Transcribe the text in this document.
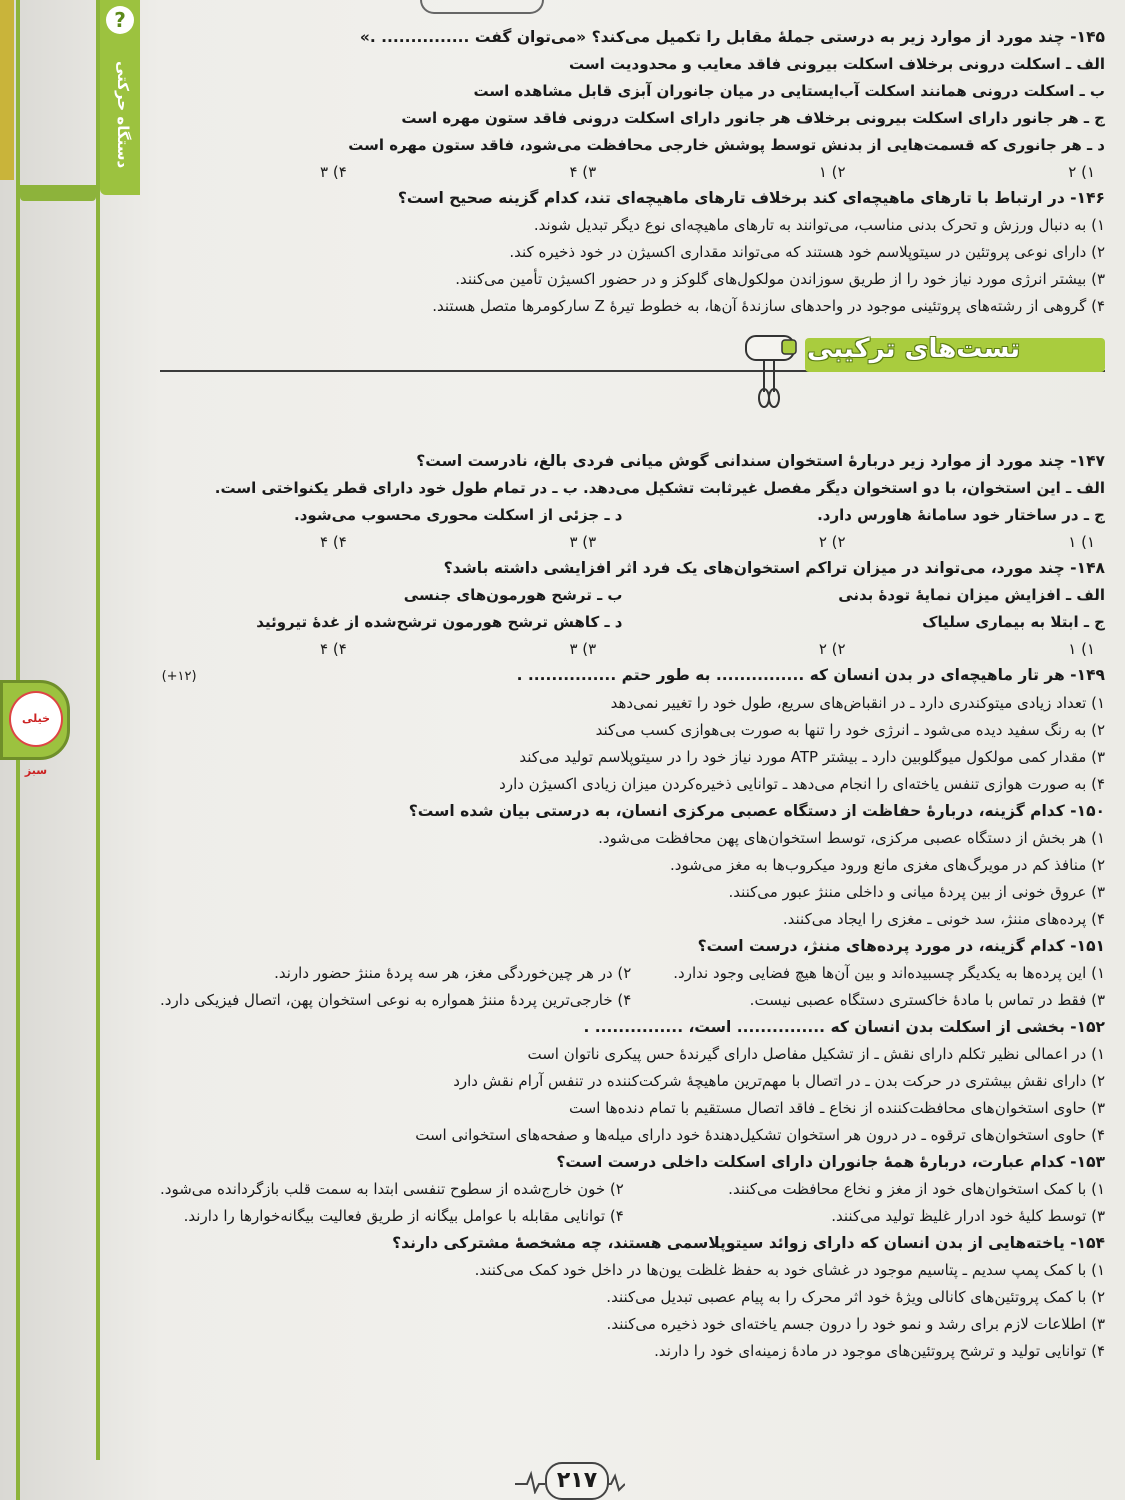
?
دستگاه حرکتی
خیلی سبز

۱۴۵- چند مورد از موارد زیر به درستی جملهٔ مقابل را تکمیل می‌کند؟ «می‌توان گفت ............... .»

الف ـ اسکلت درونی برخلاف اسکلت بیرونی فاقد معایب و محدودیت است

ب ـ اسکلت درونی همانند اسکلت آب‌ایستایی در میان جانوران آبزی قابل مشاهده است

ج ـ هر جانور دارای اسکلت بیرونی برخلاف هر جانور دارای اسکلت درونی فاقد ستون مهره است

د ـ هر جانوری که قسمت‌هایی از بدنش توسط پوشش خارجی محافظت می‌شود، فاقد ستون مهره است

۱) ۲
۲) ۱
۳) ۴
۴) ۳

۱۴۶- در ارتباط با تارهای ماهیچه‌ای کند برخلاف تارهای ماهیچه‌ای تند، کدام گزینه صحیح است؟

۱) به دنبال ورزش و تحرک بدنی مناسب، می‌توانند به تارهای ماهیچه‌ای نوع دیگر تبدیل شوند.

۲) دارای نوعی پروتئین در سیتوپلاسم خود هستند که می‌تواند مقداری اکسیژن در خود ذخیره کند.

۳) بیشتر انرژی مورد نیاز خود را از طریق سوزاندن مولکول‌های گلوکز و در حضور اکسیژن تأمین می‌کنند.

۴) گروهی از رشته‌های پروتئینی موجود در واحدهای سازندهٔ آن‌ها، به خطوط تیرهٔ Z سارکومرها متصل هستند.

تست‌های ترکیبی

۱۴۷- چند مورد از موارد زیر دربارهٔ استخوان سندانی گوش میانی فردی بالغ، نادرست است؟

الف ـ این استخوان، با دو استخوان دیگر مفصل غیرثابت تشکیل می‌دهد. ب ـ در تمام طول خود دارای قطر یکنواختی است.

ج ـ در ساختار خود سامانهٔ هاورس دارد.

د ـ جزئی از اسکلت محوری محسوب می‌شود.

۱) ۱
۲) ۲
۳) ۳
۴) ۴

۱۴۸- چند مورد، می‌تواند در میزان تراکم استخوان‌های یک فرد اثر افزایشی داشته باشد؟

الف ـ افزایش میزان نمایهٔ تودهٔ بدنی

ب ـ ترشح هورمون‌های جنسی

ج ـ ابتلا به بیماری سلیاک

د ـ کاهش ترشح هورمون ترشح‌شده از غدهٔ تیروئید

۱) ۱
۲) ۲
۳) ۳
۴) ۴

۱۴۹- هر تار ماهیچه‌ای در بدن انسان که ............... به طور حتم ............... .(۱۲+)

۱) تعداد زیادی میتوکندری دارد ـ در انقباض‌های سریع، طول خود را تغییر نمی‌دهد

۲) به رنگ سفید دیده می‌شود ـ انرژی خود را تنها به صورت بی‌هوازی کسب می‌کند

۳) مقدار کمی مولکول میوگلوبین دارد ـ بیشتر ATP مورد نیاز خود را در سیتوپلاسم تولید می‌کند

۴) به صورت هوازی تنفس یاخته‌ای را انجام می‌دهد ـ توانایی ذخیره‌کردن میزان زیادی اکسیژن دارد

۱۵۰- کدام گزینه، دربارهٔ حفاظت از دستگاه عصبی مرکزی انسان، به درستی بیان شده است؟

۱) هر بخش از دستگاه عصبی مرکزی، توسط استخوان‌های پهن محافظت می‌شود.

۲) منافذ کم در مویرگ‌های مغزی مانع ورود میکروب‌ها به مغز می‌شود.

۳) عروق خونی از بین پردهٔ میانی و داخلی مننژ عبور می‌کنند.

۴) پرده‌های مننژ، سد خونی ـ مغزی را ایجاد می‌کنند.

۱۵۱- کدام گزینه، در مورد پرده‌های مننژ، درست است؟

۱) این پرده‌ها به یکدیگر چسبیده‌اند و بین آن‌ها هیچ فضایی وجود ندارد.

۲) در هر چین‌خوردگی مغز، هر سه پردهٔ مننژ حضور دارند.

۳) فقط در تماس با مادهٔ خاکستری دستگاه عصبی نیست.

۴) خارجی‌ترین پردهٔ مننژ همواره به نوعی استخوان پهن، اتصال فیزیکی دارد.

۱۵۲- بخشی از اسکلت بدن انسان که ............... است، ............... .

۱) در اعمالی نظیر تکلم دارای نقش ـ از تشکیل مفاصل دارای گیرندهٔ حس پیکری ناتوان است

۲) دارای نقش بیشتری در حرکت بدن ـ در اتصال با مهم‌ترین ماهیچهٔ شرکت‌کننده در تنفس آرام نقش دارد

۳) حاوی استخوان‌های محافظت‌کننده از نخاع ـ فاقد اتصال مستقیم با تمام دنده‌ها است

۴) حاوی استخوان‌های ترقوه ـ در درون هر استخوان تشکیل‌دهندهٔ خود دارای میله‌ها و صفحه‌های استخوانی است

۱۵۳- کدام عبارت، دربارهٔ همهٔ جانوران دارای اسکلت داخلی درست است؟

۱) با کمک استخوان‌های خود از مغز و نخاع محافظت می‌کنند.

۲) خون خارج‌شده از سطوح تنفسی ابتدا به سمت قلب بازگردانده می‌شود.

۳) توسط کلیهٔ خود ادرار غلیظ تولید می‌کنند.

۴) توانایی مقابله با عوامل بیگانه از طریق فعالیت بیگانه‌خوارها را دارند.

۱۵۴- یاخته‌هایی از بدن انسان که دارای زوائد سیتوپلاسمی هستند، چه مشخصهٔ مشترکی دارند؟

۱) با کمک پمپ سدیم ـ پتاسیم موجود در غشای خود به حفظ غلظت یون‌ها در داخل خود کمک می‌کنند.

۲) با کمک پروتئین‌های کانالی ویژهٔ خود اثر محرک را به پیام عصبی تبدیل می‌کنند.

۳) اطلاعات لازم برای رشد و نمو خود را درون جسم یاخته‌ای خود ذخیره می‌کنند.

۴) توانایی تولید و ترشح پروتئین‌های موجود در مادهٔ زمینه‌ای خود را دارند.

۲۱۷
